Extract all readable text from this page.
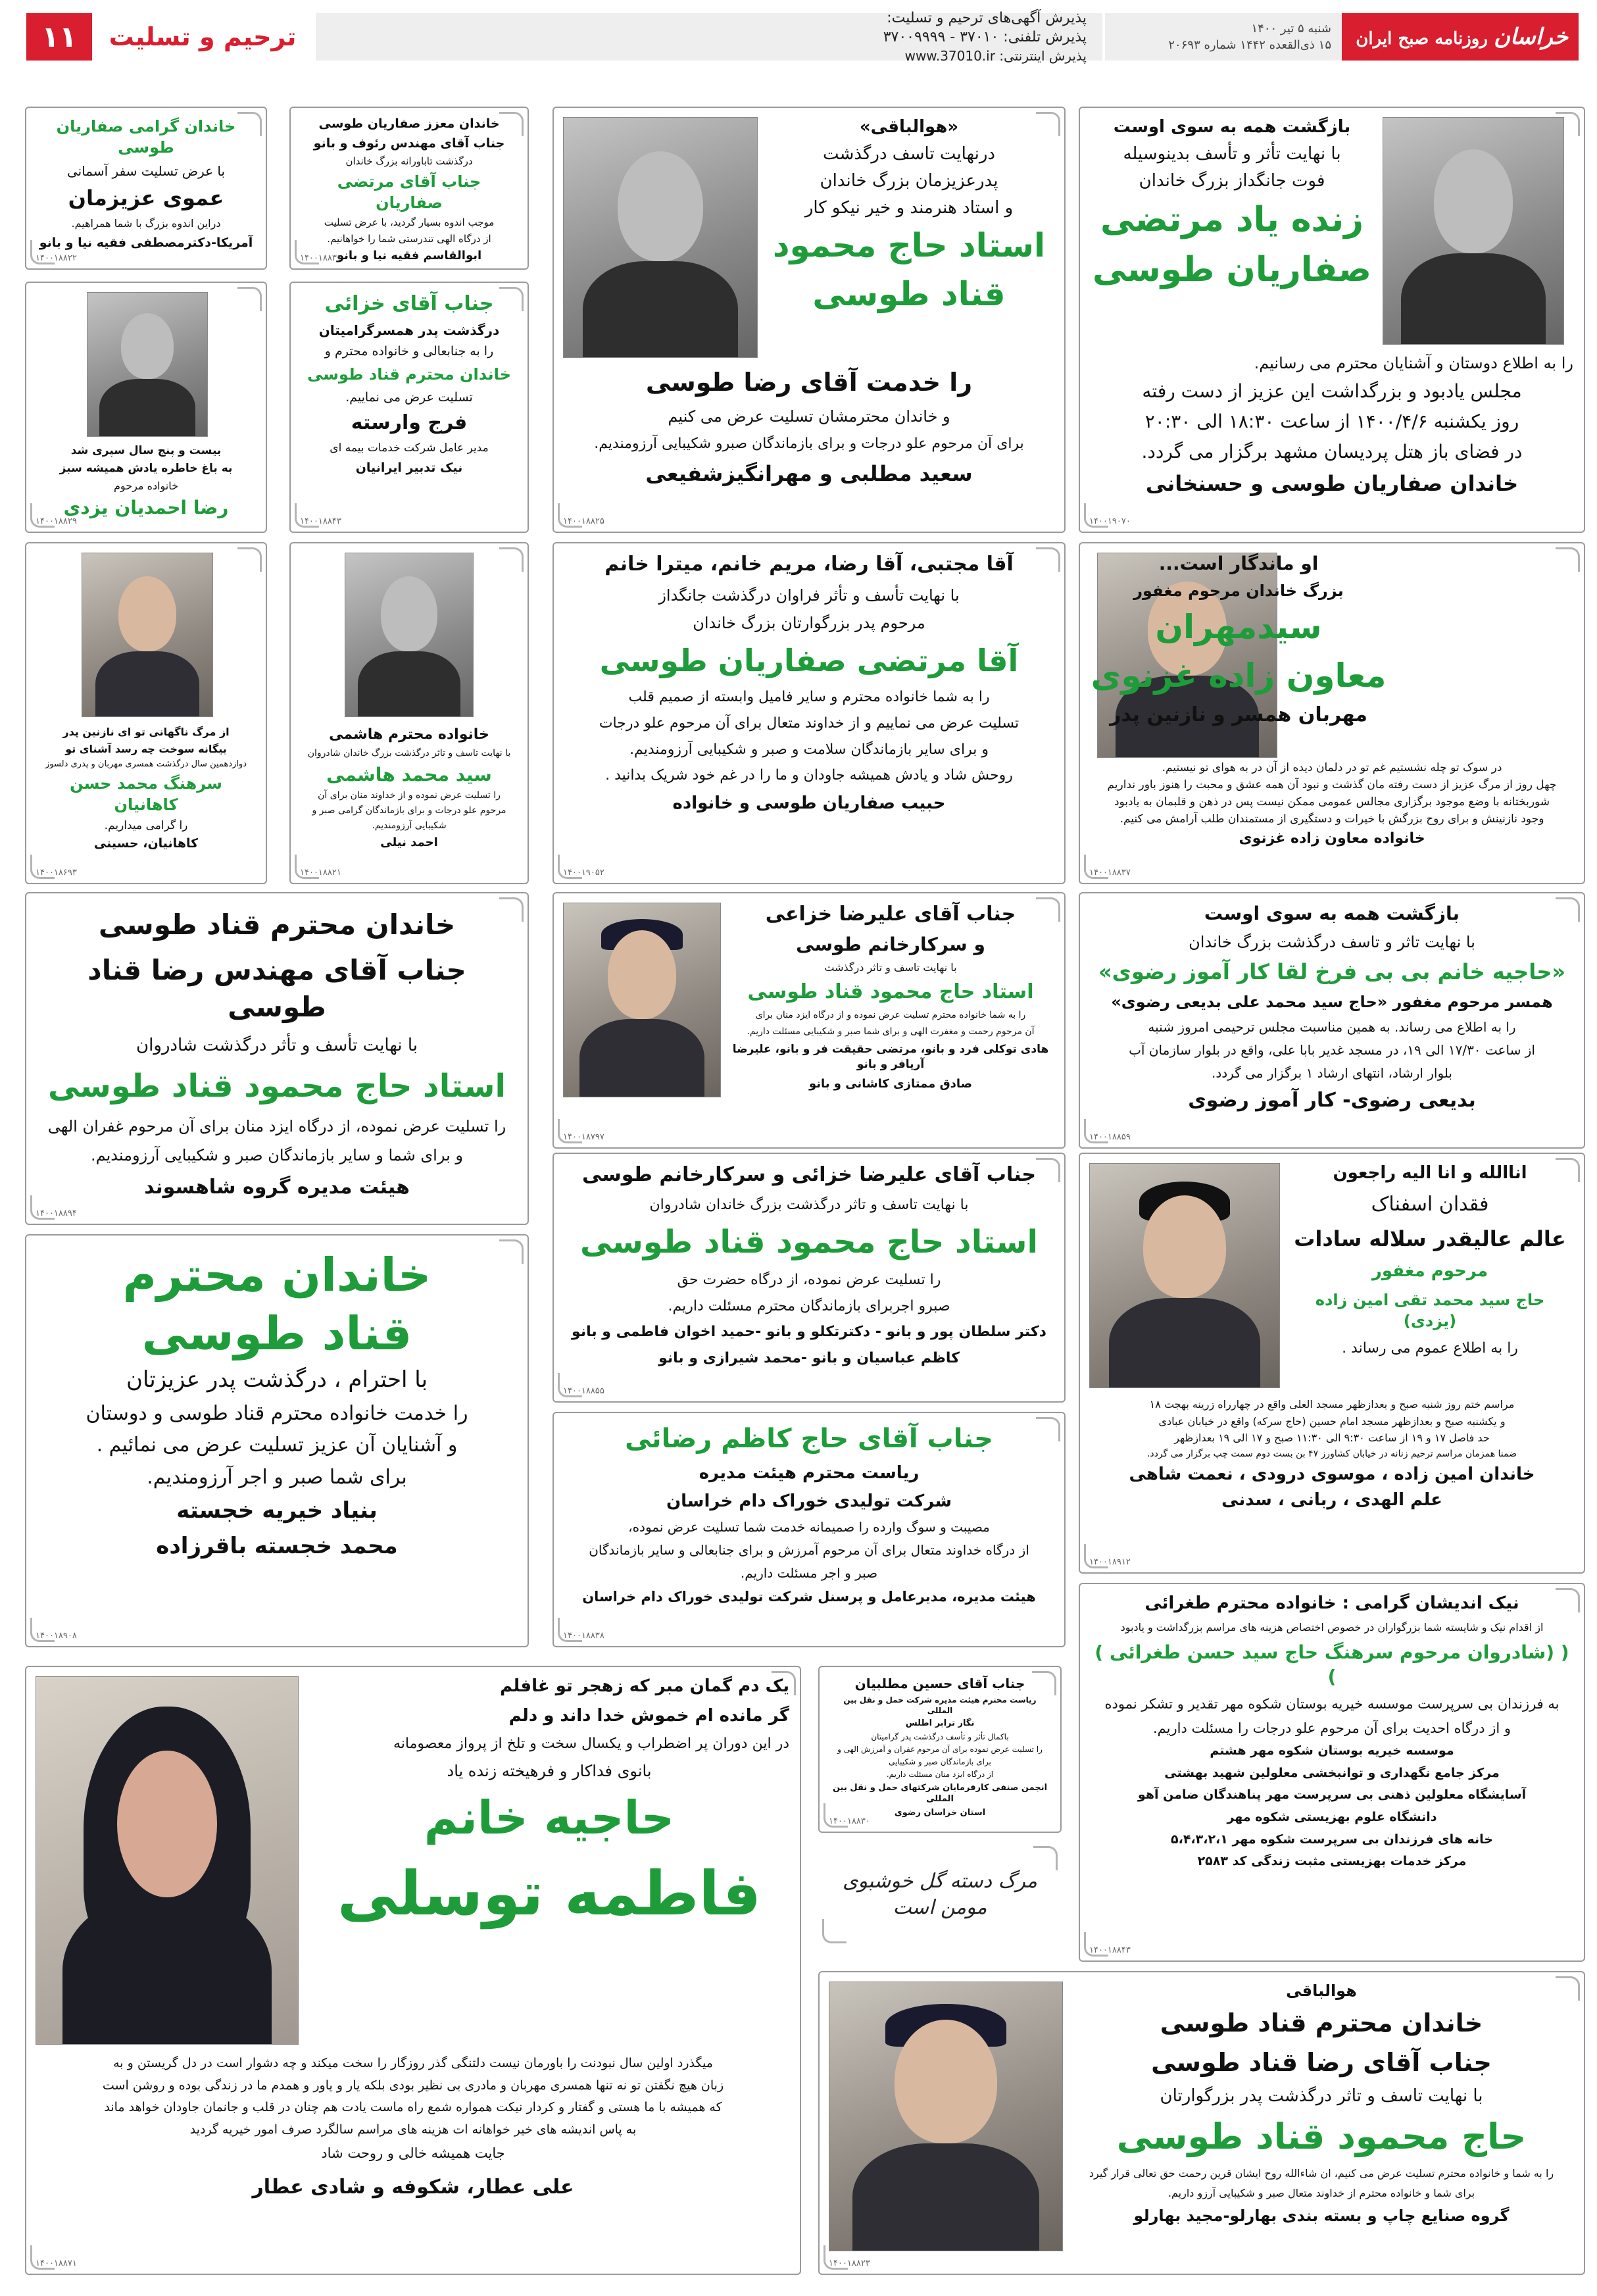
خراسان روزنامه صبح ایران
شنبه ۵ تیر ۱۴۰۰
۱۵ ذی‌القعده ۱۴۴۲ شماره ۲۰۶۹۳
پذیرش آگهی‌های ترحیم و تسلیت:
پذیرش تلفنی: ۳۷۰۱۰ - ۳۷۰۰۹۹۹۹
پذیرش اینترنتی: www.37010.ir
ترحیم و تسلیت
۱۱
بازگشت همه به سوی اوست
با نهایت تأثر و تأسف بدینوسیله
فوت جانگداز بزرگ خاندان
زنده یاد مرتضی
صفاریان طوسی
را به اطلاع دوستان و آشنایان محترم می رسانیم.
مجلس یادبود و بزرگداشت این عزیز از دست رفته
روز یکشنبه ۱۴۰۰/۴/۶ از ساعت ۱۸:۳۰ الی ۲۰:۳۰
در فضای باز هتل پردیسان مشهد برگزار می گردد.
خاندان صفاریان طوسی و حسنخانی
۱۴۰۰۱۹۰۷۰
«هوالباقی»
درنهایت تاسف درگذشت
پدرعزیزمان بزرگ خاندان
و استاد هنرمند و خیر نیکو کار
استاد حاج محمود
قناد طوسی
را خدمت آقای رضا طوسی
و خاندان محترمشان تسلیت عرض می کنیم
برای آن مرحوم علو درجات و برای بازماندگان صبرو شکیبایی آرزومندیم.
سعید مطلبی و مهرانگیزشفیعی
۱۴۰۰۱۸۸۲۵
خاندان معزز صفاریان طوسی
جناب آقای مهندس رئوف و بانو
درگذشت تاباورانه بزرگ خاندان
جناب آقای مرتضی صفاریان
موجب اندوه بسیار گردید، با عرض تسلیت
از درگاه الهی تندرستی شما را خواهانیم.
ابوالقاسم فقیه نیا و بانو
۱۴۰۰۱۸۸۳۱
خاندان گرامی صفاریان طوسی
با عرض تسلیت سفر آسمانی
عموی عزیزمان
دراین اندوه بزرگ با شما همراهیم.
آمریکا-دکترمصطفی فقیه نیا و بانو
۱۴۰۰۱۸۸۲۲
جناب آقای خزائی
درگذشت پدر همسرگرامیتان
را به جنابعالی و خانواده محترم و
خاندان محترم قناد طوسی
تسلیت عرض می نماییم.
فرج وارسته
مدیر عامل شرکت خدمات بیمه ای
نیک تدبیر ایرانیان
۱۴۰۰۱۸۸۴۳
بیست و پنج سال سپری شد
به باغ خاطره یادش همیشه سبز
خانواده مرحوم
رضا احمدیان یزدی
۱۴۰۰۱۸۸۲۹
او ماندگار است...
بزرگ خاندان مرحوم مغفور
سیدمهران
معاون زاده غزنوی
مهربان همسر و نازنین پدر
در سوک تو چله نشستیم غم تو در دلمان دیده از آن در به هوای تو نیستیم.
چهل روز از مرگ عزیز از دست رفته مان گذشت و نبود آن همه عشق و محبت را هنوز باور نداریم
شوربختانه با وضع موجود برگزاری مجالس عمومی ممکن نیست پس در ذهن و قلبمان به یادبود
وجود نازنینش و برای روح بزرگش با خیرات و دستگیری از مستمندان طلب آرامش می کنیم.
خانواده معاون زاده غزنوی
۱۴۰۰۱۸۸۳۷
آقا مجتبی، آقا رضا، مریم خانم، میترا خانم
با نهایت تأسف و تأثر فراوان درگذشت جانگداز
مرحوم پدر بزرگوارتان بزرگ خاندان
آقا مرتضی صفاریان طوسی
را به شما خانواده محترم و سایر فامیل وابسته از صمیم قلب
تسلیت عرض می نماییم و از خداوند متعال برای آن مرحوم علو درجات
و برای سایر بازماندگان سلامت و صبر و شکیبایی آرزومندیم.
روحش شاد و یادش همیشه جاودان و ما را در غم خود شریک بدانید .
حبیب صفاریان طوسی و خانواده
۱۴۰۰۱۹۰۵۲
خانواده محترم هاشمی
با نهایت تاسف و تاثر درگذشت بزرگ خاندان شادروان
سید محمد هاشمی
را تسلیت عرض نموده و از خداوند منان برای آن
مرحوم علو درجات و برای بازماندگان گرامی صبر و
شکیبایی آرزومندیم.
احمد نیلی
۱۴۰۰۱۸۸۲۱
از مرگ ناگهانی تو ای نازنین پدر
بیگانه سوخت چه رسد آشنای تو
دوازدهمین سال درگذشت همسری مهربان و پدری دلسوز
سرهنگ محمد حسن کاهانیان
را گرامی میداریم.
کاهانیان، حسینی
۱۴۰۰۱۸۶۹۳
خاندان محترم قناد طوسی
جناب آقای مهندس رضا قناد طوسی
با نهایت تأسف و تأثر درگذشت شادروان
استاد حاج محمود قناد طوسی
را تسلیت عرض نموده، از درگاه ایزد منان برای آن مرحوم غفران الهی
و برای شما و سایر بازماندگان صبر و شکیبایی آرزومندیم.
هیئت مدیره گروه شاهسوند
۱۴۰۰۱۸۸۹۴
جناب آقای علیرضا خزاعی
و سرکارخانم طوسی
با نهایت تاسف و تاثر درگذشت
استاد حاج محمود قناد طوسی
را به شما خانواده محترم تسلیت عرض نموده و از درگاه ایزد منان برای
آن مرحوم رحمت و مغفرت الهی و برای شما صبر و شکیبایی مسئلت داریم.
هادی توکلی فرد و بانو، مرتضی حقیقت فر و بانو، علیرضا آریافر و بانو
صادق ممتازی کاشانی و بانو
۱۴۰۰۱۸۷۹۷
بازگشت همه به سوی اوست
با نهایت تاثر و تاسف درگذشت بزرگ خاندان
«حاجیه خانم بی بی فرخ لقا کار آموز رضوی»
همسر مرحوم مغفور «حاج سید محمد علی بدیعی رضوی»
را به اطلاع می رساند. به همین مناسبت مجلس ترحیمی امروز شنبه
از ساعت ۱۷/۳۰ الی ۱۹، در مسجد غدیر بابا علی، واقع در بلوار سازمان آب
بلوار ارشاد، انتهای ارشاد ۱ برگزار می گردد.
بدیعی رضوی- کار آموز رضوی
۱۴۰۰۱۸۸۵۹
جناب آقای علیرضا خزائی و سرکارخانم طوسی
با نهایت تاسف و تاثر درگذشت بزرگ خاندان شادروان
استاد حاج محمود قناد طوسی
را تسلیت عرض نموده، از درگاه حضرت حق
صبرو اجربرای بازماندگان محترم مسئلت داریم.
دکتر سلطان پور و بانو - دکترتکلو و بانو -حمید اخوان فاطمی و بانو
کاظم عباسیان و بانو -محمد شیرازی و بانو
۱۴۰۰۱۸۸۵۵
اناالله و انا الیه راجعون
فقدان اسفناک
عالم عالیقدر سلاله سادات
مرحوم مغفور
حاج سید محمد تقی امین زاده (یزدی)
را به اطلاع عموم می رساند .
مراسم ختم روز شنبه صبح و بعدازظهر مسجد العلی واقع در چهارراه زرینه بهجت ۱۸
و یکشنبه صبح و بعدازظهر مسجد امام حسین (حاج سرکه) واقع در خیابان عبادی
حد فاصل ۱۷ و ۱۹ از ساعت ۹:۳۰ الی ۱۱:۳۰ صبح و ۱۷ الی ۱۹ بعدازظهر
ضمنا همزمان مراسم ترحیم زنانه در خیابان کشاورز ۴۷ بن بست دوم سمت چپ برگزار می گردد.
خاندان امین زاده ، موسوی درودی ، نعمت شاهی
علم الهدی ، ربانی ، سدنی
۱۴۰۰۱۸۹۱۲
خاندان محترم
قناد طوسی
با احترام ، درگذشت پدر عزیزتان
را خدمت خانواده محترم قناد طوسی و دوستان
و آشنایان آن عزیز تسلیت عرض می نمائیم .
برای شما صبر و اجر آرزومندیم.
بنیاد خیریه خجسته
محمد خجسته باقرزاده
۱۴۰۰۱۸۹۰۸
جناب آقای حاج کاظم رضائی
ریاست محترم هیئت مدیره
شرکت تولیدی خوراک دام خراسان
مصیبت و سوگ وارده را صمیمانه خدمت شما تسلیت عرض نموده،
از درگاه خداوند متعال برای آن مرحوم آمرزش و برای جنابعالی و سایر بازماندگان
صبر و اجر مسئلت داریم.
هیئت مدیره، مدیرعامل و پرسنل شرکت تولیدی خوراک دام خراسان
۱۴۰۰۱۸۸۳۸
نیک اندیشان گرامی : خانواده محترم طغرائی
از اقدام نیک و شایسته شما بزرگواران در خصوص اختصاص هزینه های مراسم بزرگداشت و یادبود
( (شادروان مرحوم سرهنگ حاج سید حسن طغرائی ) )
به فرزندان بی سرپرست موسسه خیریه بوستان شکوه مهر تقدیر و تشکر نموده
و از درگاه احدیت برای آن مرحوم علو درجات را مسئلت داریم.
موسسه خیریه بوستان شکوه مهر هشتم
مرکز جامع نگهداری و توانبخشی معلولین شهید بهشتی
آسایشگاه معلولین ذهنی بی سرپرست مهر پناهندگان ضامن آهو
دانشگاه علوم بهزیستی شکوه مهر
خانه های فرزندان بی سرپرست شکوه مهر ۵،۴،۳،۲،۱
مرکز خدمات بهزیستی مثبت زندگی کد ۲۵۸۳
۱۴۰۰۱۸۸۴۳
یک دم گمان مبر که زهجر تو غافلم
گر مانده ام خموش خدا داند و دلم
در این دوران پر اضطراب و یکسال سخت و تلخ از پرواز معصومانه
بانوی فداکار و فرهیخته زنده یاد
حاجیه خانم
فاطمه توسلی
میگذرد اولین سال نبودنت را باورمان نیست دلتنگی گذر روزگار را سخت میکند و چه دشوار است در دل گریستن و به
زبان هیچ نگفتن تو نه تنها همسری مهربان و مادری بی نظیر بودی بلکه یار و یاور و همدم ما در زندگی بوده و روشن است
که همیشه با ما هستی و گفتار و کردار نیکت همواره شمع راه ماست یادت هم چنان در قلب و جانمان جاودان خواهد ماند
به پاس اندیشه های خیر خواهانه ات هزینه های مراسم سالگرد صرف امور خیریه گردید
جایت همیشه خالی و روحت شاد
علی عطار، شکوفه و شادی عطار
۱۴۰۰۱۸۸۷۱
جناب آقای حسین مطلبیان
ریاست محترم هیئت مدیره شرکت حمل و نقل بین المللی
نگار ترابر اطلس
باکمال تأثر و تأسف درگذشت پدر گرامیتان
را تسلیت عرض نموده برای آن مرحوم غفران و آمرزش الهی و
برای بازماندگان صبر و شکیبایی
از درگاه ایزد منان مسئلت داریم.
انجمن صنفی کارفرمایان شرکتهای حمل و نقل بین المللی
استان خراسان رضوی
۱۴۰۰۱۸۸۳۰
مرگ دسته گل خوشبوی مومن است
هوالباقی
خاندان محترم قناد طوسی
جناب آقای رضا قناد طوسی
با نهایت تاسف و تاثر درگذشت پدر بزرگوارتان
حاج محمود قناد طوسی
را به شما و خانواده محترم تسلیت عرض می کنیم، ان شاءالله روح ایشان قرین رحمت حق تعالی قرار گیرد
برای شما و خانواده محترم از خداوند متعال صبر و شکیبایی آرزو داریم.
گروه صنایع چاپ و بسته بندی بهارلو-مجید بهارلو
۱۴۰۰۱۸۸۲۳
